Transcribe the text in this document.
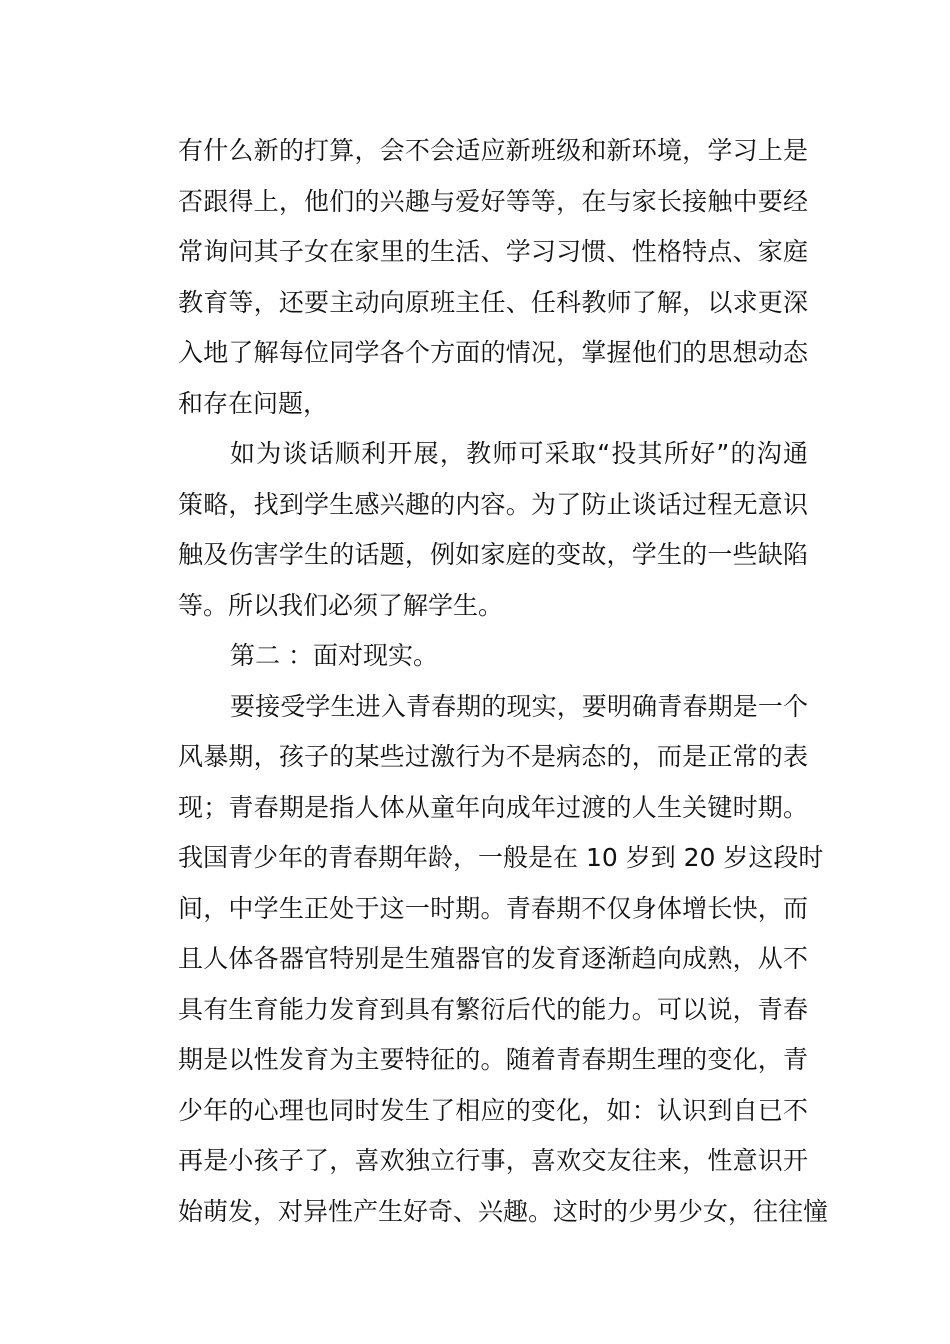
有什么新的打算，会不会适应新班级和新环境，学习上是
否跟得上，他们的兴趣与爱好等等，在与家长接触中要经
常询问其子女在家里的生活、学习习惯、性格特点、家庭
教育等，还要主动向原班主任、任科教师了解，以求更深
入地了解每位同学各个方面的情况，掌握他们的思想动态
和存在问题，
如为谈话顺利开展，教师可采取“投其所好”的沟通
策略，找到学生感兴趣的内容。为了防止谈话过程无意识
触及伤害学生的话题，例如家庭的变故，学生的一些缺陷
等。所以我们必须了解学生。
第二 ：面对现实。
要接受学生进入青春期的现实，要明确青春期是一个
风暴期，孩子的某些过激行为不是病态的，而是正常的表
现；青春期是指人体从童年向成年过渡的人生关键时期。
我国青少年的青春期年龄，一般是在 10 岁到 20 岁这段时
间，中学生正处于这一时期。青春期不仅身体增长快，而
且人体各器官特别是生殖器官的发育逐渐趋向成熟，从不
具有生育能力发育到具有繁衍后代的能力。可以说，青春
期是以性发育为主要特征的。随着青春期生理的变化，青
少年的心理也同时发生了相应的变化，如：认识到自已不
再是小孩子了，喜欢独立行事，喜欢交友往来，性意识开
始萌发，对异性产生好奇、兴趣。这时的少男少女，往往憧
